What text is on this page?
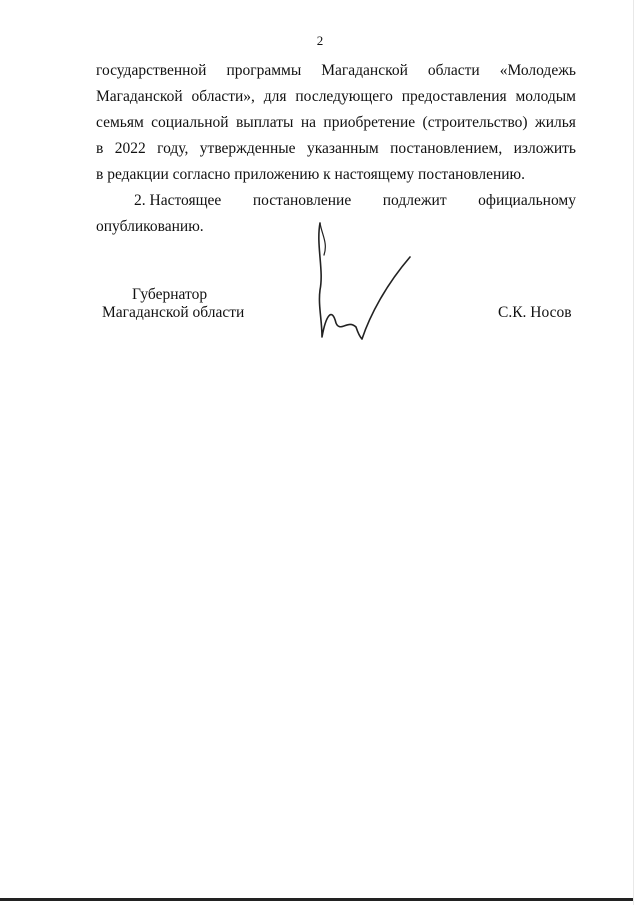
2
государственной программы Магаданской области «Молодежь
Магаданской области», для последующего предоставления молодым
семьям социальной выплаты на приобретение (строительство) жилья
в 2022 году, утвержденные указанным постановлением, изложить
в редакции согласно приложению к настоящему постановлению.
2. Настоящее постановление подлежит официальному
опубликованию.
Губернатор
Магаданской области	С.К. Носов
